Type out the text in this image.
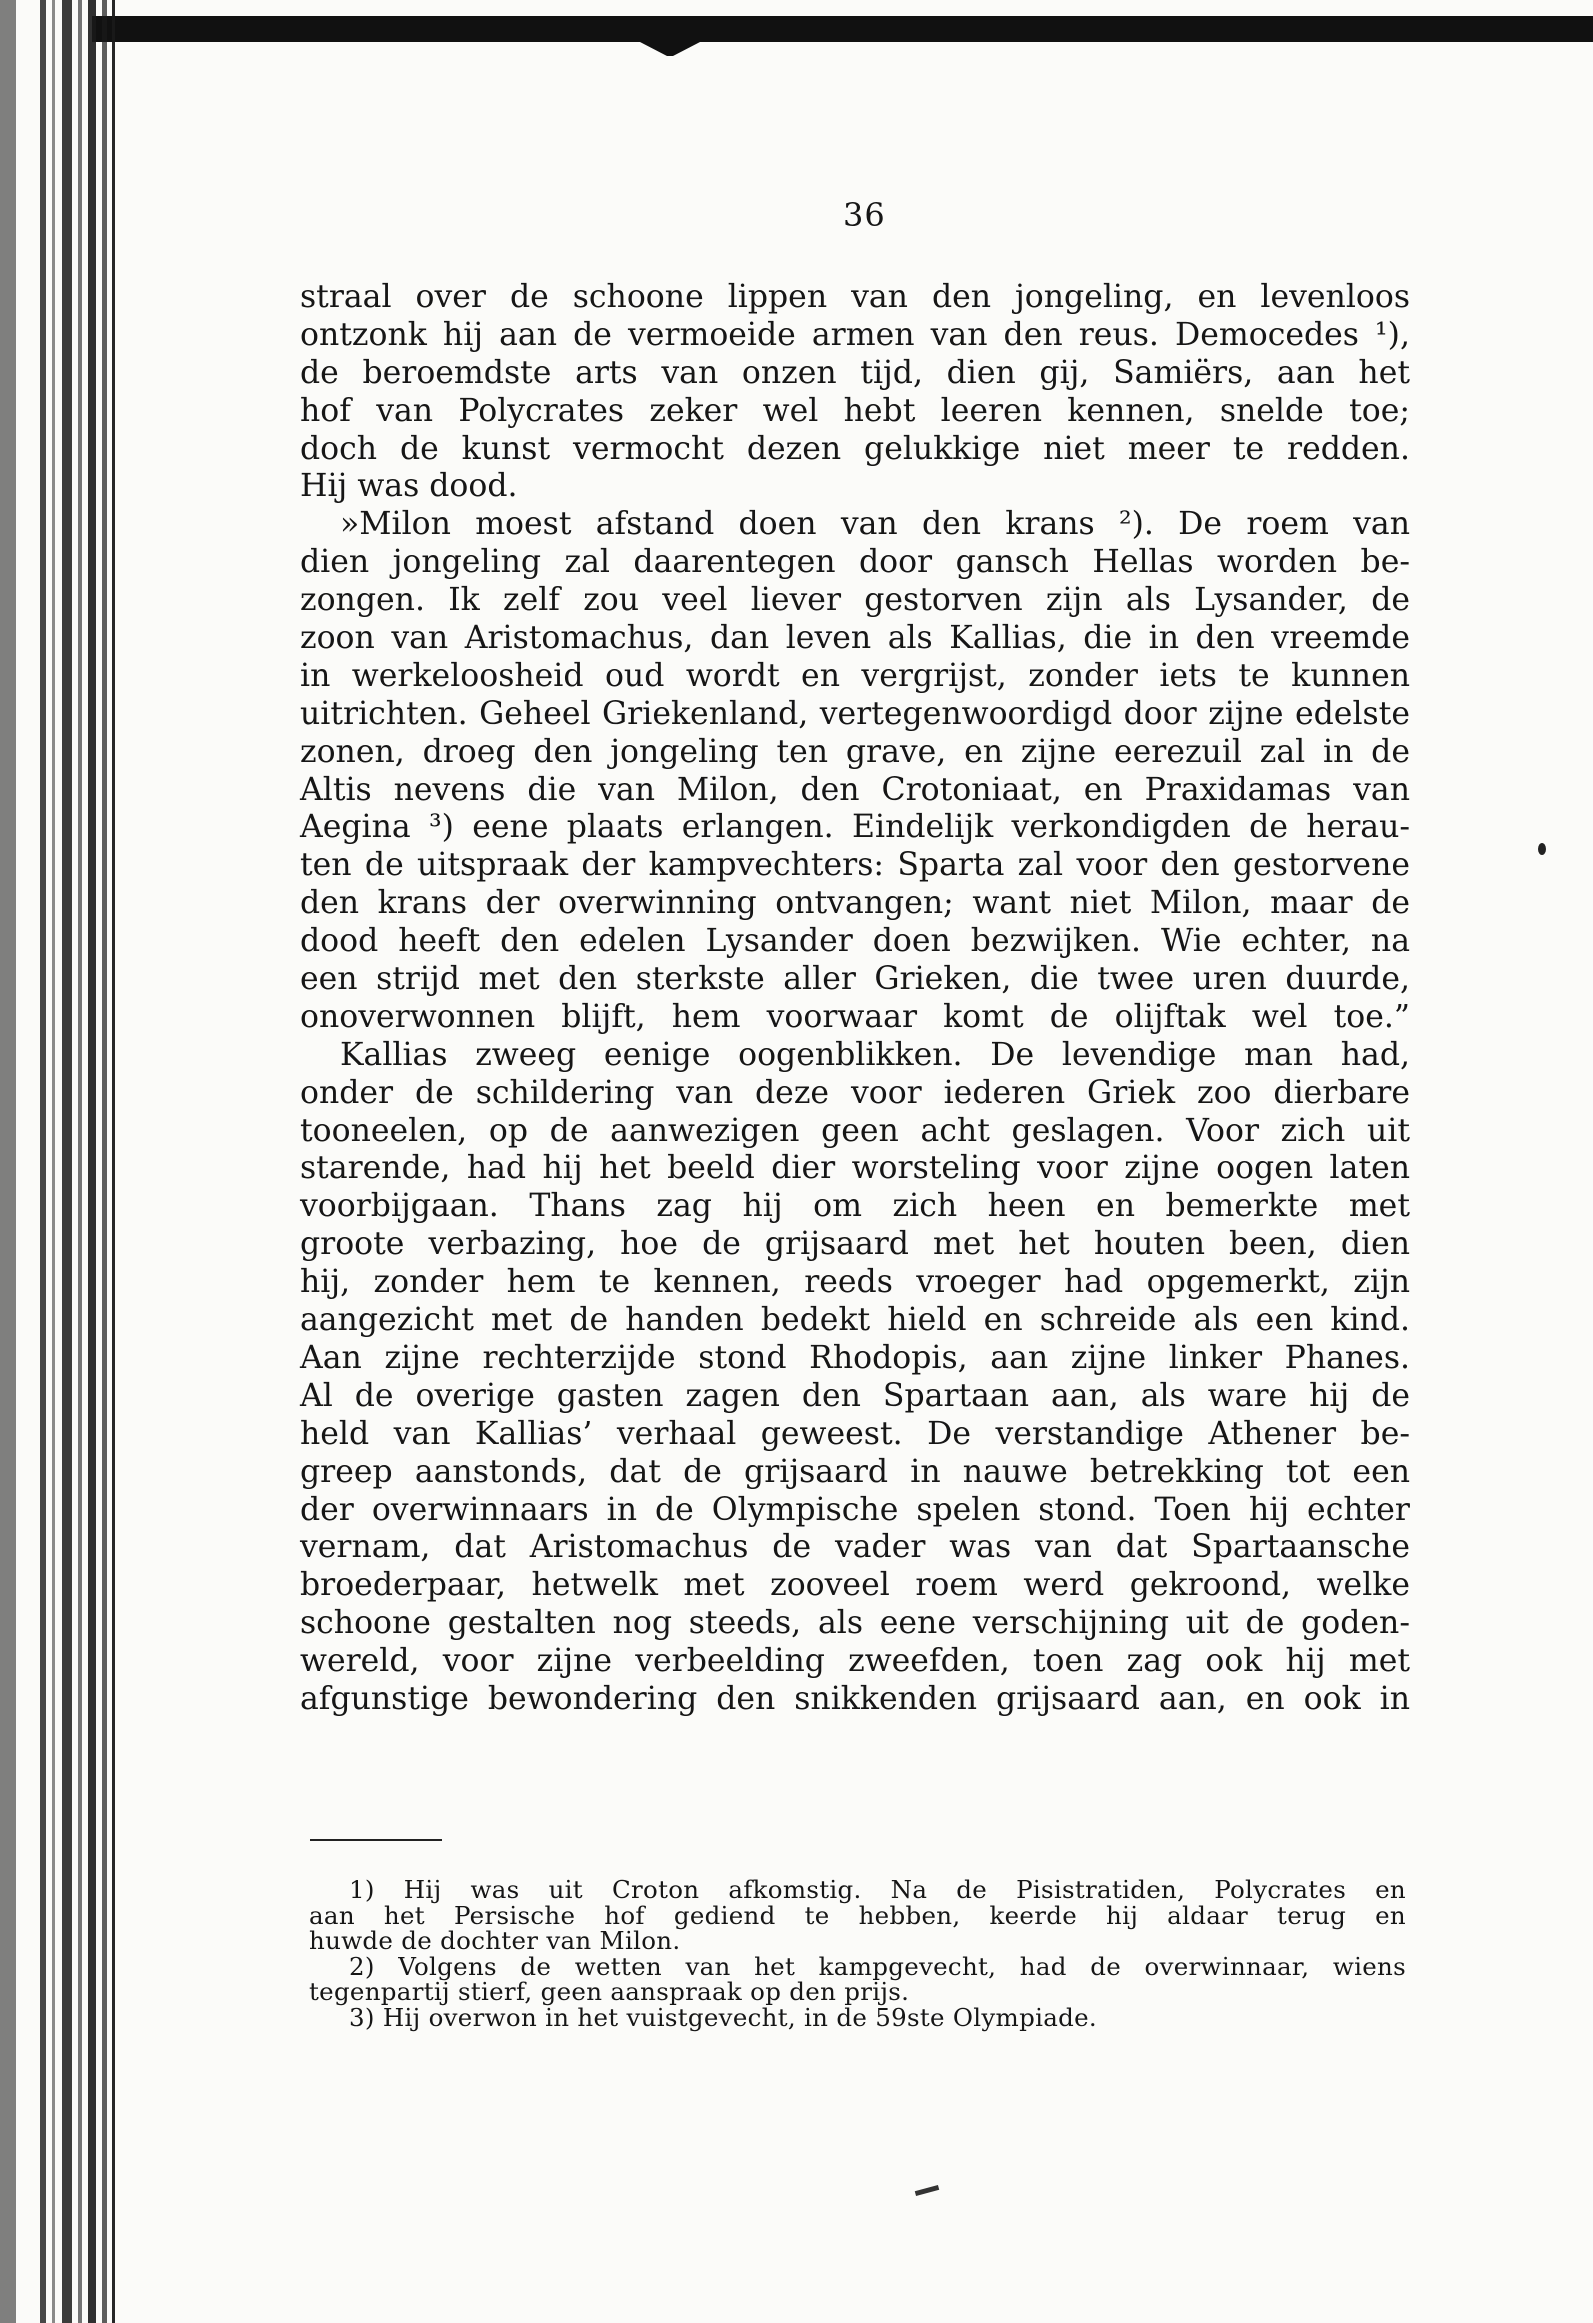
36
straal over de schoone lippen van den jongeling, en levenloos
ontzonk hij aan de vermoeide armen van den reus. Democedes ¹),
de beroemdste arts van onzen tijd, dien gij, Samiërs, aan het
hof van Polycrates zeker wel hebt leeren kennen, snelde toe;
doch de kunst vermocht dezen gelukkige niet meer te redden.
Hij was dood.
»Milon moest afstand doen van den krans ²). De roem van
dien jongeling zal daarentegen door gansch Hellas worden be-
zongen. Ik zelf zou veel liever gestorven zijn als Lysander, de
zoon van Aristomachus, dan leven als Kallias, die in den vreemde
in werkeloosheid oud wordt en vergrijst, zonder iets te kunnen
uitrichten. Geheel Griekenland, vertegenwoordigd door zijne edelste
zonen, droeg den jongeling ten grave, en zijne eerezuil zal in de
Altis nevens die van Milon, den Crotoniaat, en Praxidamas van
Aegina ³) eene plaats erlangen. Eindelijk verkondigden de herau-
ten de uitspraak der kampvechters: Sparta zal voor den gestorvene
den krans der overwinning ontvangen; want niet Milon, maar de
dood heeft den edelen Lysander doen bezwijken. Wie echter, na
een strijd met den sterkste aller Grieken, die twee uren duurde,
onoverwonnen blijft, hem voorwaar komt de olijftak wel toe.”
Kallias zweeg eenige oogenblikken. De levendige man had,
onder de schildering van deze voor iederen Griek zoo dierbare
tooneelen, op de aanwezigen geen acht geslagen. Voor zich uit
starende, had hij het beeld dier worsteling voor zijne oogen laten
voorbijgaan. Thans zag hij om zich heen en bemerkte met
groote verbazing, hoe de grijsaard met het houten been, dien
hij, zonder hem te kennen, reeds vroeger had opgemerkt, zijn
aangezicht met de handen bedekt hield en schreide als een kind.
Aan zijne rechterzijde stond Rhodopis, aan zijne linker Phanes.
Al de overige gasten zagen den Spartaan aan, als ware hij de
held van Kallias’ verhaal geweest. De verstandige Athener be-
greep aanstonds, dat de grijsaard in nauwe betrekking tot een
der overwinnaars in de Olympische spelen stond. Toen hij echter
vernam, dat Aristomachus de vader was van dat Spartaansche
broederpaar, hetwelk met zooveel roem werd gekroond, welke
schoone gestalten nog steeds, als eene verschijning uit de goden-
wereld, voor zijne verbeelding zweefden, toen zag ook hij met
afgunstige bewondering den snikkenden grijsaard aan, en ook in
1) Hij was uit Croton afkomstig. Na de Pisistratiden, Polycrates en
aan het Persische hof gediend te hebben, keerde hij aldaar terug en
huwde de dochter van Milon.
2) Volgens de wetten van het kampgevecht, had de overwinnaar, wiens
tegenpartij stierf, geen aanspraak op den prijs.
3) Hij overwon in het vuistgevecht, in de 59ste Olympiade.
